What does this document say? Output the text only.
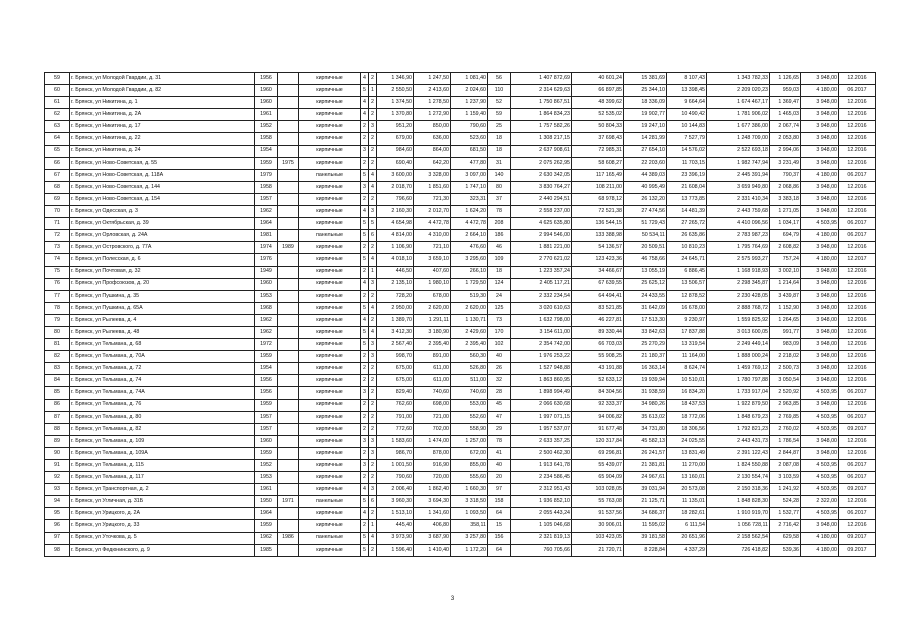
59	г. Брянск, ул Молодой Гвардии, д. 31	1956		кирпичные	4	2	1 346,90	1 247,50	1 081,40	56	1 407 872,69	40 601,24	15 381,69	8 107,43	1 343 782,33	1 126,65	3 948,00	12.2016
60	г. Брянск, ул Молодой Гвардии, д. 82	1960		кирпичные	5	1	2 550,50	2 413,60	2 024,60	110	2 314 629,63	66 897,85	25 344,10	13 398,45	2 209 020,23	959,03	4 180,00	06.2017
61	г. Брянск, ул Никитина, д. 1	1960		кирпичные	4	2	1 374,50	1 278,50	1 237,90	52	1 750 867,51	48 399,62	18 336,09	9 664,64	1 674 467,17	1 369,47	3 948,00	12.2016
62	г. Брянск, ул Никитина, д. 2А	1961		кирпичные	4	2	1 370,80	1 272,90	1 159,40	59	1 864 834,23	52 535,02	19 902,77	10 490,42	1 781 906,02	1 465,03	3 948,00	12.2016
63	г. Брянск, ул Никитина, д. 17	1952		кирпичные	2	3	951,20	850,00	790,60	25	1 757 582,26	50 804,33	19 247,10	10 144,83	1 677 386,00	2 067,74	3 948,00	12.2016
64	г. Брянск, ул Никитина, д. 22	1958		кирпичные	2	2	679,00	636,00	523,60	18	1 308 217,15	37 698,43	14 281,99	7 527,79	1 248 709,00	2 053,80	3 948,00	12.2016
65	г. Брянск, ул Никитина, д. 24	1954		кирпичные	3	2	984,60	864,00	681,50	18	2 637 908,61	72 985,31	27 654,10	14 576,02	2 522 693,18	2 994,06	3 948,00	12.2016
66	г. Брянск, ул Ново-Советская, д. 55	1959	1975	кирпичные	2	2	690,40	642,20	477,80	31	2 075 262,95	58 608,27	22 203,60	11 703,15	1 982 747,94	3 231,49	3 948,00	12.2016
67	г. Брянск, ул Ново-Советская, д. 118А	1979		панельные	5	4	3 600,00	3 328,00	3 097,00	140	2 630 342,05	117 165,49	44 389,03	23 396,19	2 445 391,94	790,37	4 180,00	06.2017
68	г. Брянск, ул Ново-Советская, д. 144	1958		кирпичные	3	4	2 018,70	1 851,60	1 747,10	80	3 830 764,27	108 211,00	40 995,49	21 608,04	3 659 949,80	2 068,86	3 948,00	12.2016
69	г. Брянск, ул Ново-Советская, д. 154	1957		кирпичные	2	2	796,60	721,30	323,31	37	2 440 294,51	68 978,12	26 132,20	13 773,85	2 331 410,34	3 383,18	3 948,00	12.2016
70	г. Брянск, ул Одесская, д. 3	1962		кирпичные	4	3	2 160,30	2 012,70	1 624,20	78	2 558 237,00	72 521,38	27 474,56	14 481,39	2 443 759,68	1 271,05	3 948,00	12.2016
71	г. Брянск, ул Октябрьская, д. 39	1964		кирпичные	5	5	4 654,98	4 472,78	4 472,78	208	4 625 635,80	136 544,15	51 729,43	27 265,72	4 410 096,56	1 034,17	4 503,95	06.2017
72	г. Брянск, ул Орловская, д. 24А	1981		панельные	5	6	4 814,00	4 310,00	2 664,10	186	2 994 546,00	133 388,98	50 534,11	26 635,86	2 783 987,23	694,79	4 180,00	06.2017
73	г. Брянск, ул Островского, д. 77А	1974	1989	кирпичные	2	2	1 106,90	721,10	476,60	46	1 881 221,00	54 136,57	20 509,51	10 810,23	1 795 764,69	2 608,82	3 948,00	12.2016
74	г. Брянск, ул Полесская, д. 6	1976		кирпичные	5	4	4 018,10	3 659,10	3 295,60	109	2 770 621,02	123 423,36	46 758,66	24 645,71	2 575 993,27	757,24	4 180,00	12.2017
75	г. Брянск, ул Почтовая, д. 32	1949		кирпичные	2	1	446,50	407,60	266,10	18	1 223 357,24	34 466,67	13 055,19	6 886,45	1 168 918,93	3 002,10	3 948,00	12.2016
76	г. Брянск, ул Профсоюзов, д. 20	1960		кирпичные	4	3	2 135,10	1 980,10	1 729,50	124	2 405 117,21	67 639,55	25 625,12	13 506,57	2 298 345,87	1 214,64	3 948,00	12.2016
77	г. Брянск, ул Пушкина, д. 35	1953		кирпичные	2	2	728,20	678,00	519,30	24	2 332 234,54	64 494,41	24 433,55	12 878,52	2 230 428,05	3 439,87	3 948,00	12.2016
78	г. Брянск, ул Пушкина, д. 65А	1968		кирпичные	5	4	2 950,00	2 620,00	2 620,00	125	3 020 610,63	83 521,85	31 642,09	16 678,00	2 888 768,72	1 152,90	3 948,00	12.2016
79	г. Брянск, ул Рылеева, д. 4	1962		кирпичные	4	2	1 389,70	1 291,11	1 130,71	73	1 632 798,00	46 227,81	17 513,30	9 230,97	1 559 825,92	1 264,65	3 948,00	12.2016
80	г. Брянск, ул Рылеева, д. 48	1962		кирпичные	5	4	3 412,30	3 180,90	2 429,60	170	3 154 611,00	89 330,44	33 842,63	17 837,88	3 013 600,05	991,77	3 948,00	12.2016
81	г. Брянск, ул Тельмана, д. 68	1972		кирпичные	5	3	2 567,40	2 395,40	2 395,40	102	2 354 742,00	66 703,03	25 270,29	13 319,54	2 249 449,14	983,09	3 948,00	12.2016
82	г. Брянск, ул Тельмана, д. 70А	1959		кирпичные	2	3	998,70	891,00	560,30	40	1 976 253,22	55 908,25	21 180,37	11 164,00	1 888 000,24	2 218,02	3 948,00	12.2016
83	г. Брянск, ул Тельмана, д. 72	1954		кирпичные	2	2	675,00	611,00	526,80	26	1 527 948,88	43 191,88	16 363,14	8 624,74	1 459 769,12	2 500,73	3 948,00	12.2016
84	г. Брянск, ул Тельмана, д. 74	1956		кирпичные	2	2	675,00	611,00	511,00	32	1 863 860,95	52 633,12	19 939,94	10 510,01	1 780 797,88	3 050,54	3 948,00	12.2016
85	г. Брянск, ул Тельмана, д. 74А	1956		кирпичные	3	2	829,40	740,60	740,60	28	1 898 994,49	84 304,56	31 938,59	16 834,20	1 733 917,04	2 520,92	4 503,95	06.2017
86	г. Брянск, ул Тельмана, д. 76	1959		кирпичные	2	2	762,60	698,00	553,00	45	2 066 630,68	92 333,37	34 980,26	18 437,53	1 922 879,50	2 963,85	3 948,00	12.2016
87	г. Брянск, ул Тельмана, д. 80	1957		кирпичные	2	2	791,00	721,00	552,60	47	1 997 071,15	94 006,82	35 613,02	18 772,06	1 848 679,23	2 769,85	4 503,95	06.2017
88	г. Брянск, ул Тельмана, д. 82	1957		кирпичные	2	2	772,60	702,00	558,90	29	1 957 537,07	91 677,48	34 731,80	18 306,56	1 792 821,23	2 760,02	4 503,95	09.2017
89	г. Брянск, ул Тельмана, д. 109	1960		кирпичные	3	3	1 583,60	1 474,00	1 257,00	78	2 633 357,25	120 317,84	45 582,13	24 025,55	2 443 431,73	1 786,54	3 948,00	12.2016
90	г. Брянск, ул Тельмана, д. 109А	1959		кирпичные	2	3	986,70	878,00	672,00	41	2 500 462,30	69 296,81	26 241,57	13 831,49	2 391 122,43	2 844,87	3 948,00	12.2016
91	г. Брянск, ул Тельмана, д. 115	1952		кирпичные	3	2	1 001,50	916,90	855,00	40	1 913 641,78	55 439,07	21 381,81	11 270,00	1 824 550,88	2 087,08	4 503,95	06.2017
92	г. Брянск, ул Тельмана, д. 117	1953		кирпичные	2	2	790,60	720,00	555,60	20	2 234 586,45	65 904,09	24 967,61	13 160,01	2 130 554,74	3 103,59	4 503,95	06.2017
93	г. Брянск, ул Транспортная, д. 2	1961		кирпичные	4	3	2 006,40	1 862,40	1 660,30	97	2 312 951,43	103 028,05	39 031,94	20 573,08	2 150 318,36	1 241,92	4 503,95	09.2017
94	г. Брянск, ул Угличная, д. 31Б	1950	1971	панельные	5	6	3 960,30	3 694,30	3 318,50	158	1 936 852,10	55 763,08	21 125,71	11 135,01	1 848 828,30	524,28	2 322,00	12.2016
95	г. Брянск, ул Урицкого, д. 2А	1964		кирпичные	4	2	1 513,10	1 341,60	1 093,50	64	2 055 443,24	91 537,56	34 686,37	18 282,61	1 910 919,70	1 532,77	4 503,95	06.2017
96	г. Брянск, ул Урицкого, д. 33	1959		кирпичные	2	1	445,40	406,80	358,11	15	1 105 046,68	30 906,01	11 595,02	6 111,54	1 056 728,11	2 716,42	3 948,00	12.2016
97	г. Брянск, ул Уточкова, д. 5	1962	1986	панельные	5	4	3 973,90	3 687,90	3 257,80	156	2 321 819,13	103 423,05	39 181,58	20 651,96	2 158 562,54	629,58	4 180,00	09.2017
98	г. Брянск, ул Федюнинского, д. 9	1985		кирпичные	5	2	1 596,40	1 410,40	1 172,20	64	760 705,66	21 720,71	8 228,84	4 337,29	726 418,82	539,36	4 180,00	09.2017
3
